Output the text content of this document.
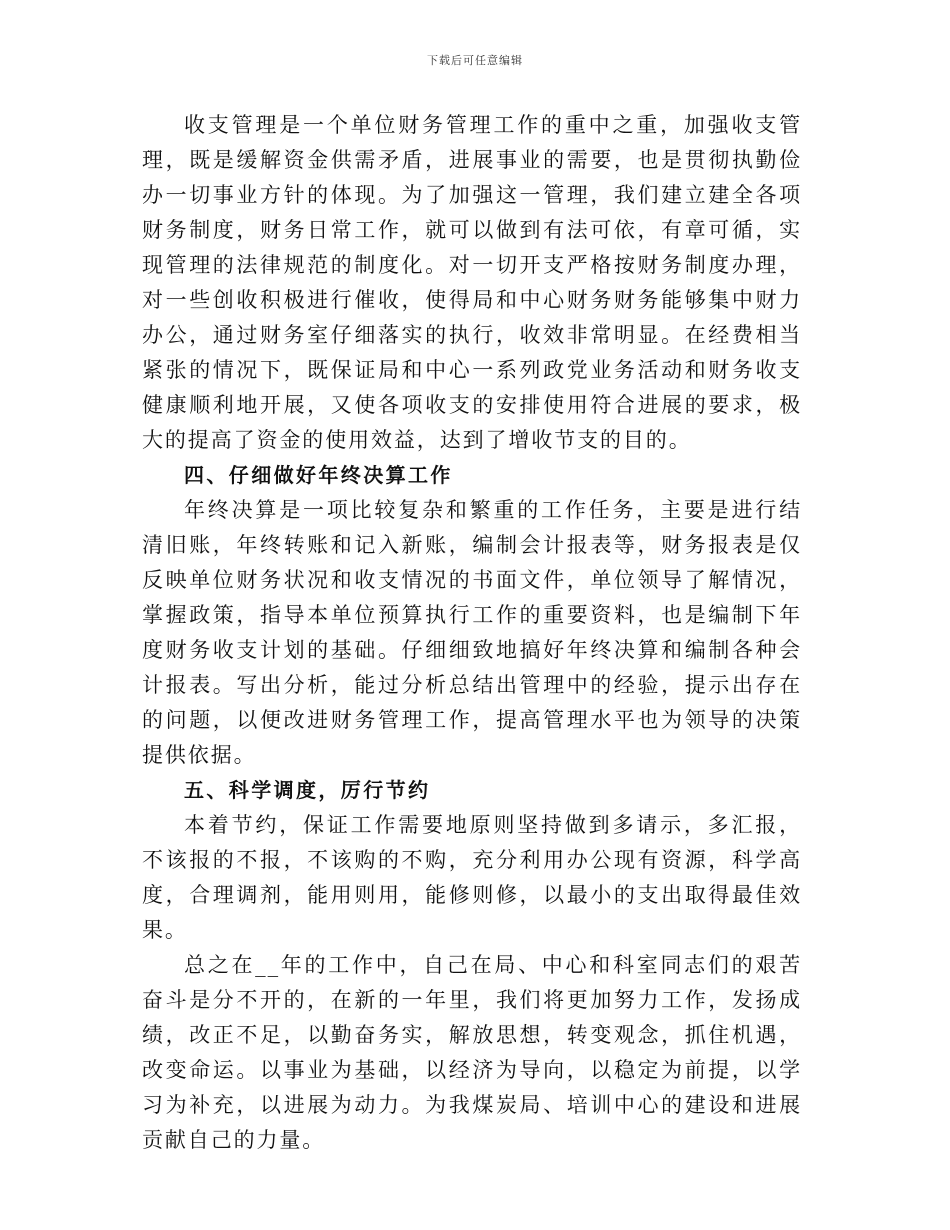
下载后可任意编辑

收支管理是一个单位财务管理工作的重中之重，加强收支管理，既是缓解资金供需矛盾，进展事业的需要，也是贯彻执勤俭办一切事业方针的体现。为了加强这一管理，我们建立建全各项财务制度，财务日常工作，就可以做到有法可依，有章可循，实现管理的法律规范的制度化。对一切开支严格按财务制度办理，对一些创收积极进行催收，使得局和中心财务财务能够集中财力办公，通过财务室仔细落实的执行，收效非常明显。在经费相当紧张的情况下，既保证局和中心一系列政党业务活动和财务收支健康顺利地开展，又使各项收支的安排使用符合进展的要求，极大的提高了资金的使用效益，达到了增收节支的目的。

四、仔细做好年终决算工作

年终决算是一项比较复杂和繁重的工作任务，主要是进行结清旧账，年终转账和记入新账，编制会计报表等，财务报表是仅反映单位财务状况和收支情况的书面文件，单位领导了解情况，掌握政策，指导本单位预算执行工作的重要资料，也是编制下年度财务收支计划的基础。仔细细致地搞好年终决算和编制各种会计报表。写出分析，能过分析总结出管理中的经验，提示出存在的问题，以便改进财务管理工作，提高管理水平也为领导的决策提供依据。

五、科学调度，厉行节约

本着节约，保证工作需要地原则坚持做到多请示，多汇报，不该报的不报，不该购的不购，充分利用办公现有资源，科学高度，合理调剂，能用则用，能修则修，以最小的支出取得最佳效果。

总之在__年的工作中，自己在局、中心和科室同志们的艰苦奋斗是分不开的，在新的一年里，我们将更加努力工作，发扬成绩，改正不足，以勤奋务实，解放思想，转变观念，抓住机遇，改变命运。以事业为基础，以经济为导向，以稳定为前提，以学习为补充，以进展为动力。为我煤炭局、培训中心的建设和进展贡献自己的力量。
